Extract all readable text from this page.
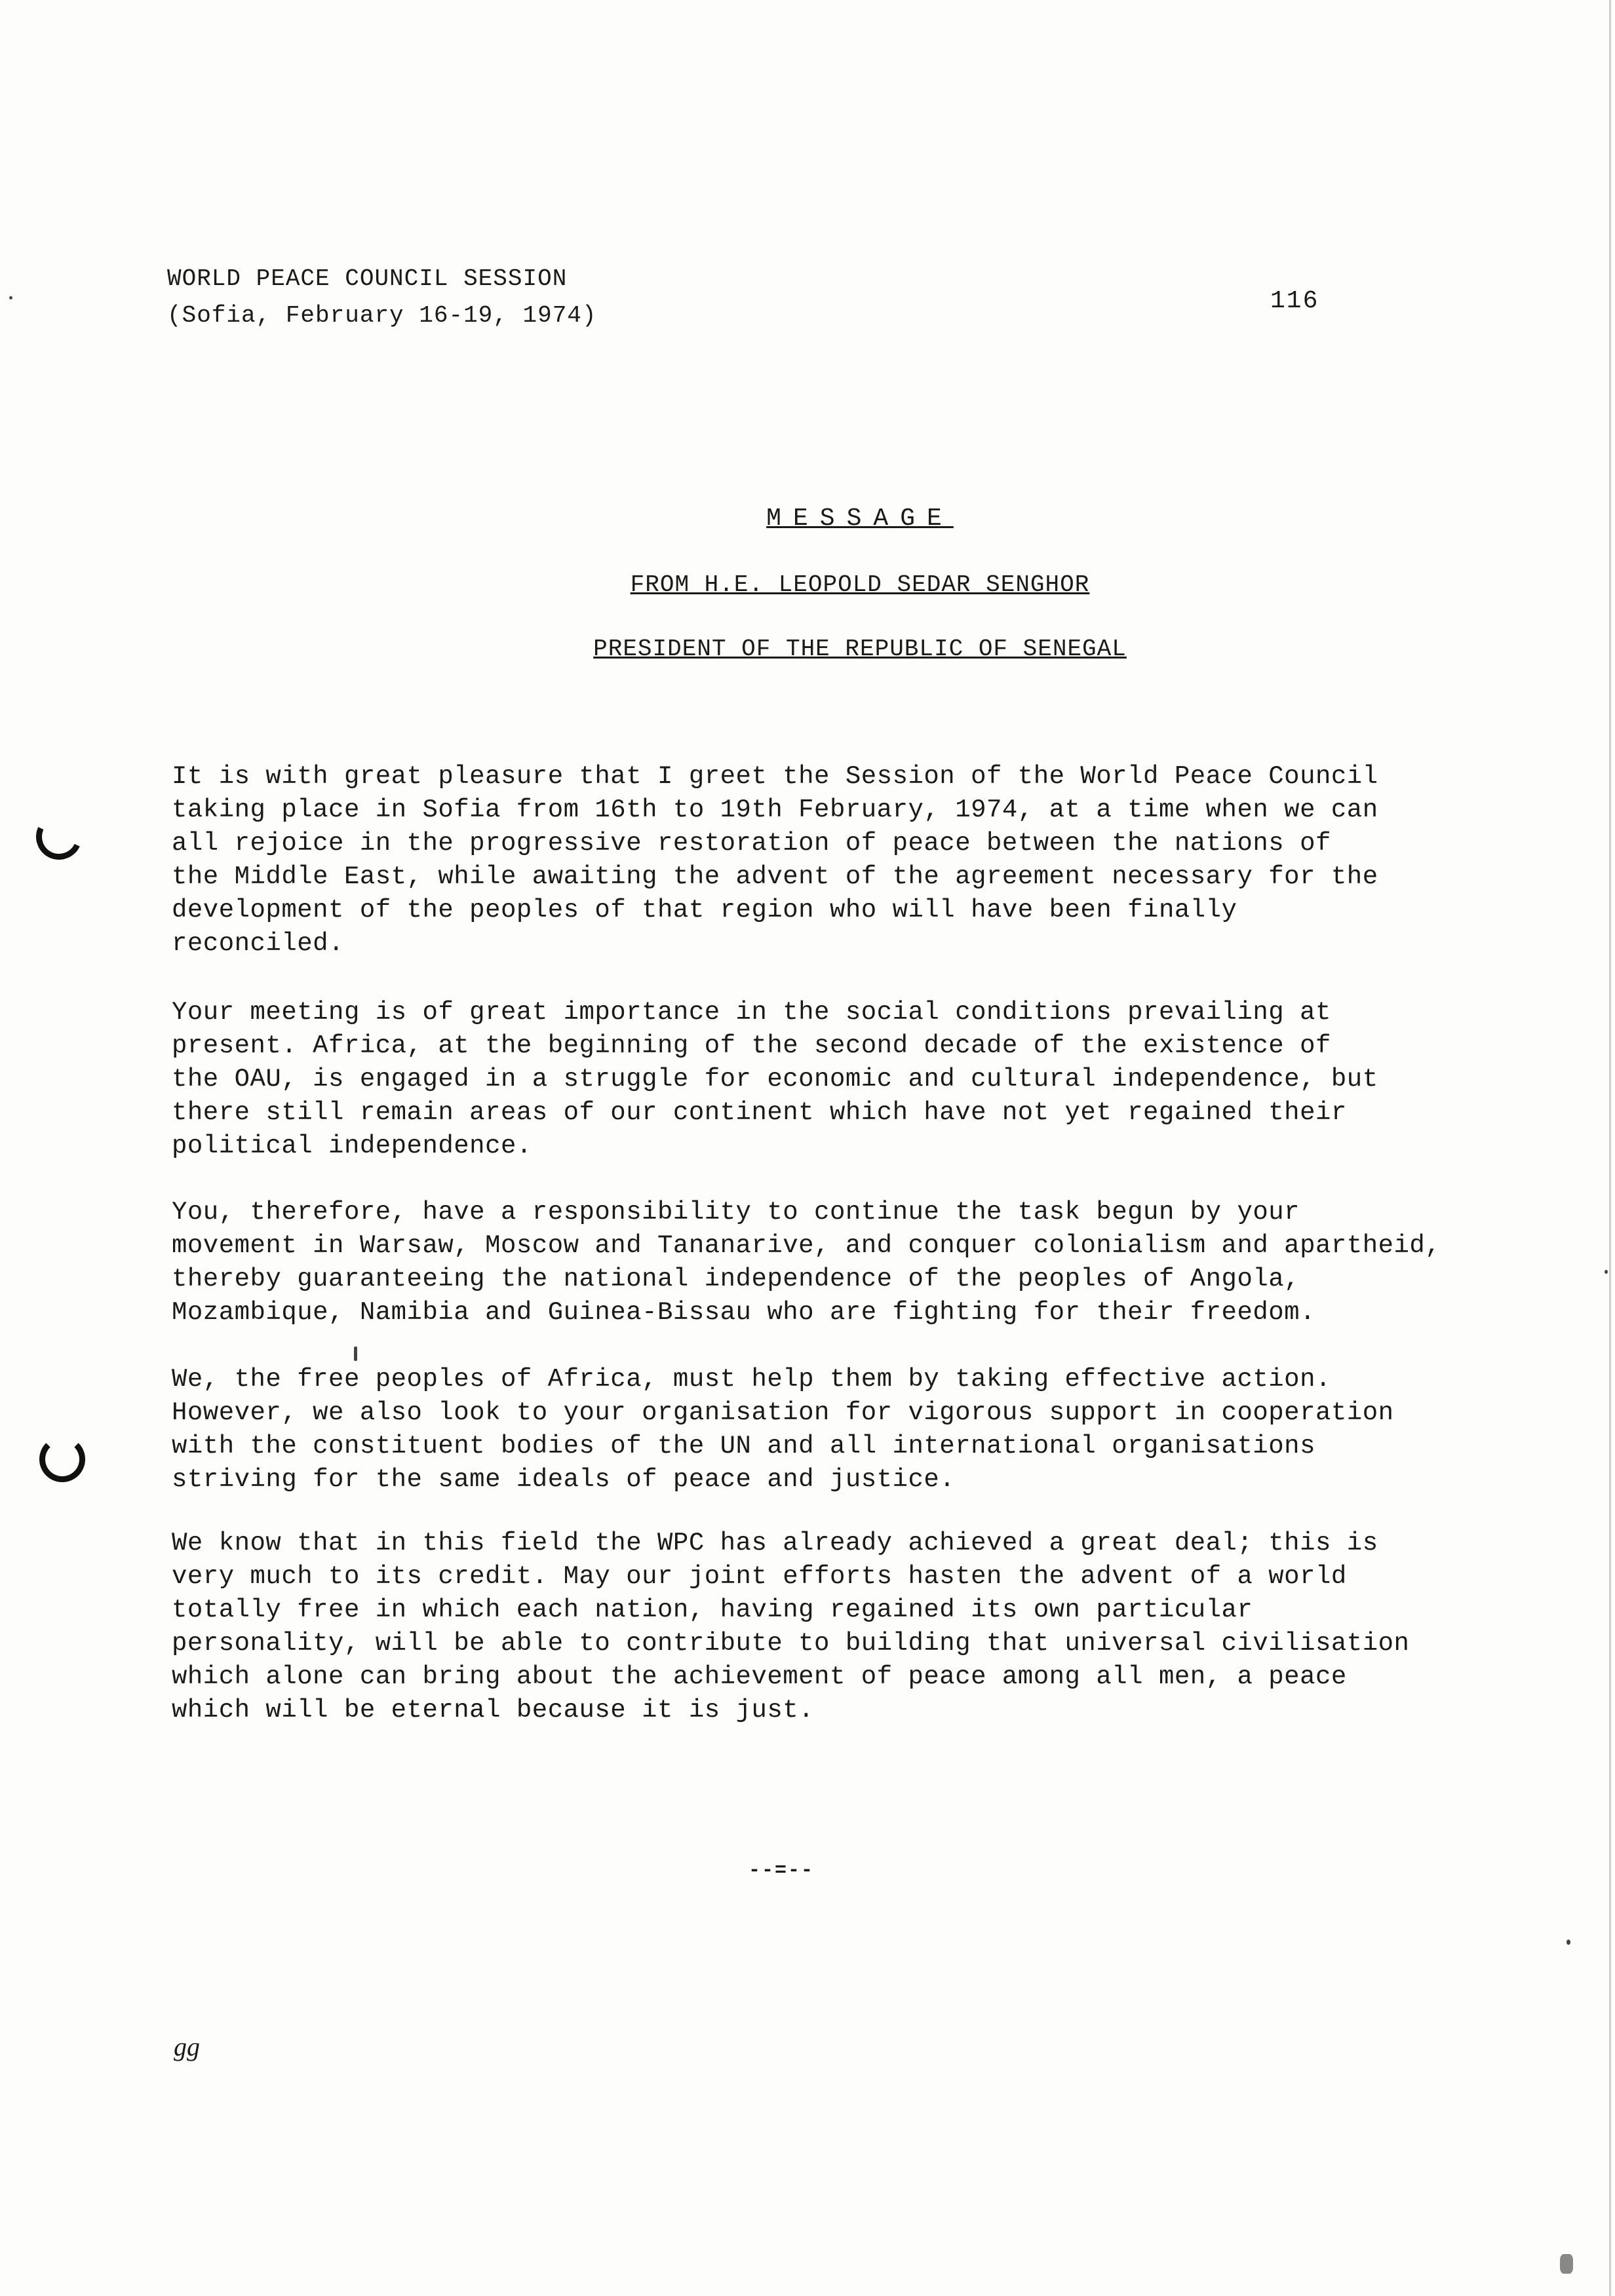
WORLD PEACE COUNCIL SESSION
(Sofia, February 16-19, 1974)
116
MESSAGE
FROM H.E. LEOPOLD SEDAR SENGHOR
PRESIDENT OF THE REPUBLIC OF SENEGAL
It is with great pleasure that I greet the Session of the World Peace Council
taking place in Sofia from 16th to 19th February, 1974, at a time when we can
all rejoice in the progressive restoration of peace between the nations of
the Middle East, while awaiting the advent of the agreement necessary for the
development of the peoples of that region who will have been finally
reconciled.
Your meeting is of great importance in the social conditions prevailing at
present. Africa, at the beginning of the second decade of the existence of
the OAU, is engaged in a struggle for economic and cultural independence, but
there still remain areas of our continent which have not yet regained their
political independence.
You, therefore, have a responsibility to continue the task begun by your
movement in Warsaw, Moscow and Tananarive, and conquer colonialism and apartheid,
thereby guaranteeing the national independence of the peoples of Angola,
Mozambique, Namibia and Guinea-Bissau who are fighting for their freedom.
We, the free peoples of Africa, must help them by taking effective action.
However, we also look to your organisation for vigorous support in cooperation
with the constituent bodies of the UN and all international organisations
striving for the same ideals of peace and justice.
We know that in this field the WPC has already achieved a great deal; this is
very much to its credit. May our joint efforts hasten the advent of a world
totally free in which each nation, having regained its own particular
personality, will be able to contribute to building that universal civilisation
which alone can bring about the achievement of peace among all men, a peace
which will be eternal because it is just.
--=--
gg
